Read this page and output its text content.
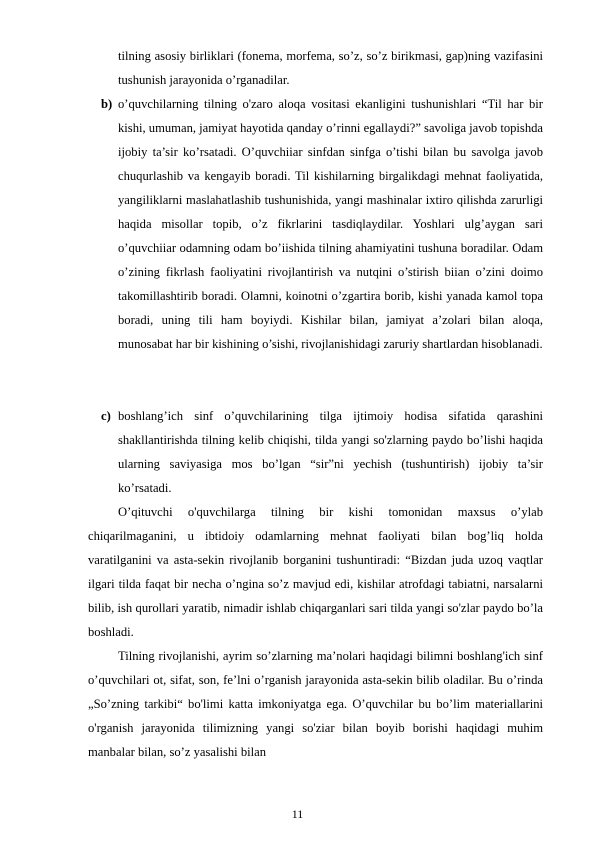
tilning asosiy birliklari (fonema, morfema, so’z, so’z birikmasi, gap)ning vazifasini tushunish jarayonida o’rganadilar.

b) o’quvchilarning tilning o'zaro aloqa vositasi ekanligini tushunishlari “Til har bir kishi, umuman, jamiyat hayotida qanday o’rinni egallaydi?” savoliga javob topishda ijobiy ta’sir ko’rsatadi. O’quvchiiar sinfdan sinfga o’tishi bilan bu savolga javob chuqurlashib va kengayib boradi. Til kishilarning birgalikdagi mehnat faoliyatida, yangiliklarni maslahatlashib tushunishida, yangi mashinalar ixtiro qilishda zarurligi haqida misollar topib, o’z fikrlarini tasdiqlaydilar. Yoshlari ulg’aygan sari o’quvchiiar odamning odam bo’iishida tilning ahamiyatini tushuna boradilar. Odam o’zining fikrlash faoliyatini rivojlantirish va nutqini o’stirish biian o’zini doimo takomillashtirib boradi. Olamni, koinotni o’zgartira borib, kishi yanada kamol topa boradi, uning tili ham boyiydi. Kishilar bilan, jamiyat a’zolari bilan aloqa, munosabat har bir kishining o’sishi, rivojlanishidagi zaruriy shartlardan hisoblanadi.

c) boshlang’ich sinf o’quvchilarining tilga ijtimoiy hodisa sifatida qarashini shakllantirishda tilning kelib chiqishi, tilda yangi so'zlarning paydo bo’lishi haqida ularning saviyasiga mos bo’lgan “sir”ni yechish (tushuntirish) ijobiy ta’sir ko’rsatadi.

O’qituvchi o'quvchilarga tilning bir kishi tomonidan maxsus o’ylab chiqarilmaganini, u ibtidoiy odamlarning mehnat faoliyati bilan bog’liq holda varatilganini va asta-sekin rivojlanib borganini tushuntiradi: “Bizdan juda uzoq vaqtlar ilgari tilda faqat bir necha o’ngina so’z mavjud edi, kishilar atrofdagi tabiatni, narsalarni bilib, ish qurollari yaratib, nimadir ishlab chiqarganlari sari tilda yangi so'zlar paydo bo’la boshladi.

Tilning rivojlanishi, ayrim so’zlarning ma’nolari haqidagi bilimni boshlang'ich sinf o’quvchilari ot, sifat, son, fe’lni o’rganish jarayonida asta-sekin bilib oladilar. Bu o’rinda „So’zning tarkibi“ bo'limi katta imkoniyatga ega. O’quvchilar bu bo’lim materiallarini o'rganish jarayonida tilimizning yangi so'ziar bilan boyib borishi haqidagi muhim manbalar bilan, so’z yasalishi bilan

11
